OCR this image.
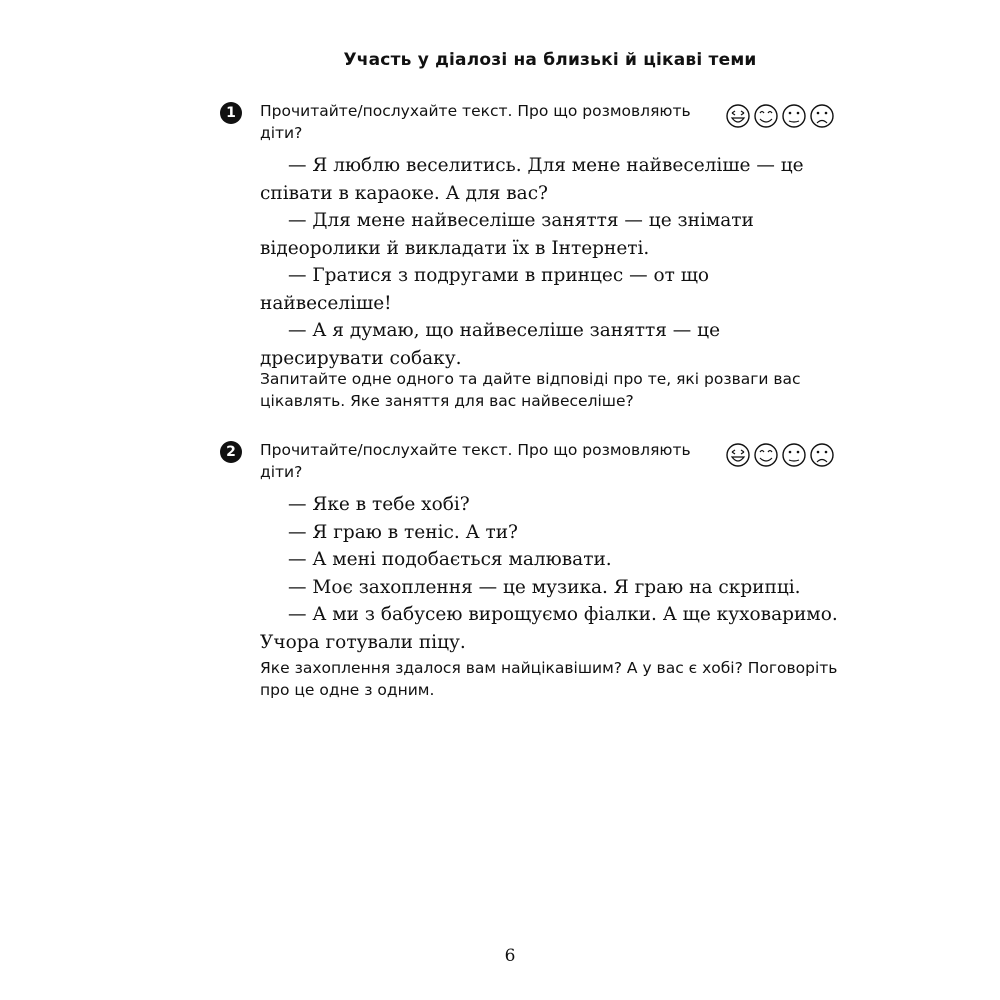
Участь у діалозі на близькі й цікаві теми
1	Прочитайте/послухайте текст. Про що розмовляють діти?

— Я люблю веселитись. Для мене найвеселіше — це співати в караоке. А для вас?

— Для мене найвеселіше заняття — це знімати відеоролики й викладати їх в Інтернеті.

— Гратися з подругами в принцес — от що найвеселіше!

— А я думаю, що найвеселіше заняття — це дресирувати собаку.

Запитайте одне одного та дайте відповіді про те, які розваги вас цікавлять. Яке заняття для вас найвеселіше?
2	Прочитайте/послухайте текст. Про що розмовляють діти?

— Яке в тебе хобі?

— Я граю в теніс. А ти?

— А мені подобається малювати.

— Моє захоплення — це музика. Я граю на скрипці.

— А ми з бабусею вирощуємо фіалки. А ще куховаримо. Учора готували піцу.

Яке захоплення здалося вам найцікавішим? А у вас є хобі? Поговоріть про це одне з одним.
6
